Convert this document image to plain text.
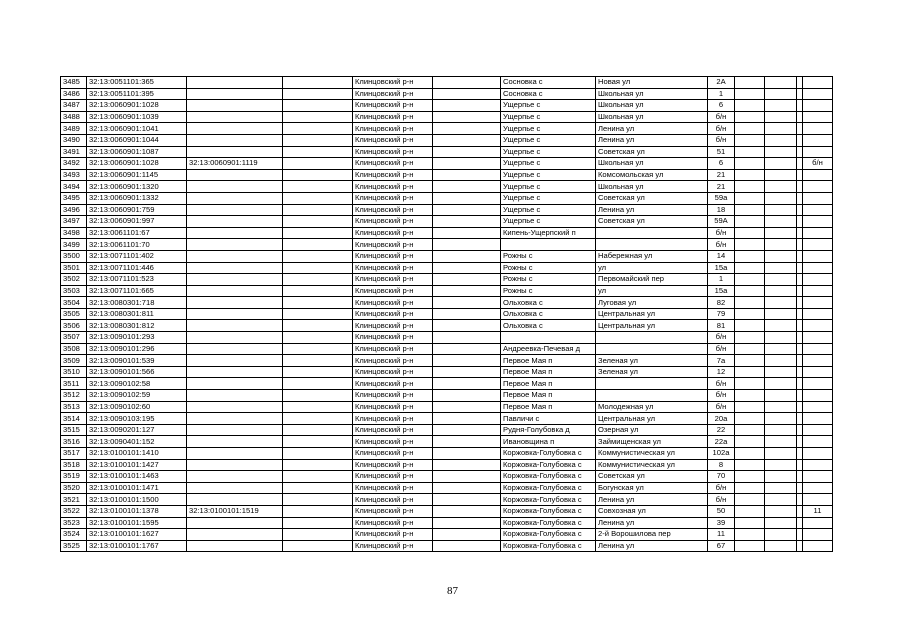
3485	32:13:0051101:365			Клинцовский р-н		Сосновка с	Новая ул	2А				
3486	32:13:0051101:395			Клинцовский р-н		Сосновка с	Школьная ул	1				
3487	32:13:0060901:1028			Клинцовский р-н		Ущерпье с	Школьная ул	6				
3488	32:13:0060901:1039			Клинцовский р-н		Ущерпье с	Школьная ул	б/н				
3489	32:13:0060901:1041			Клинцовский р-н		Ущерпье с	Ленина ул	б/н				
3490	32:13:0060901:1044			Клинцовский р-н		Ущерпье с	Ленина ул	б/н				
3491	32:13:0060901:1087			Клинцовский р-н		Ущерпье с	Советская ул	51				
3492	32:13:0060901:1028	32:13:0060901:1119		Клинцовский р-н		Ущерпье с	Школьная ул	6				б/н
3493	32:13:0060901:1145			Клинцовский р-н		Ущерпье с	Комсомольская ул	21				
3494	32:13:0060901:1320			Клинцовский р-н		Ущерпье с	Школьная ул	21				
3495	32:13:0060901:1332			Клинцовский р-н		Ущерпье с	Советская ул	59а				
3496	32:13:0060901:759			Клинцовский р-н		Ущерпье с	Ленина ул	18				
3497	32:13:0060901:997			Клинцовский р-н		Ущерпье с	Советская ул	59А				
3498	32:13:0061101:67			Клинцовский р-н		Кипень-Ущерпский п		б/н				
3499	32:13:0061101:70			Клинцовский р-н				б/н				
3500	32:13:0071101:402			Клинцовский р-н		Рожны с	Набережная ул	14				
3501	32:13:0071101:446			Клинцовский р-н		Рожны с	ул	15а				
3502	32:13:0071101:523			Клинцовский р-н		Рожны с	Первомайский пер	1				
3503	32:13:0071101:665			Клинцовский р-н		Рожны с	ул	15а				
3504	32:13:0080301:718			Клинцовский р-н		Ольховка с	Луговая ул	82				
3505	32:13:0080301:811			Клинцовский р-н		Ольховка с	Центральная ул	79				
3506	32:13:0080301:812			Клинцовский р-н		Ольховка с	Центральная ул	81				
3507	32:13:0090101:293			Клинцовский р-н				б/н				
3508	32:13:0090101:296			Клинцовский р-н		Андреевка-Печевая д		б/н				
3509	32:13:0090101:539			Клинцовский р-н		Первое Мая п	Зеленая ул	7а				
3510	32:13:0090101:566			Клинцовский р-н		Первое Мая п	Зеленая ул	12				
3511	32:13:0090102:58			Клинцовский р-н		Первое Мая п		б/н				
3512	32:13:0090102:59			Клинцовский р-н		Первое Мая п		б/н				
3513	32:13:0090102:60			Клинцовский р-н		Первое Мая п	Молодежная ул	б/н				
3514	32:13:0090103:195			Клинцовский р-н		Павличи с	Центральная ул	20а				
3515	32:13:0090201:127			Клинцовский р-н		Рудня-Голубовка д	Озерная ул	22				
3516	32:13:0090401:152			Клинцовский р-н		Ивановщина п	Займищенская ул	22а				
3517	32:13:0100101:1410			Клинцовский р-н		Коржовка-Голубовка с	Коммунистическая ул	102а				
3518	32:13:0100101:1427			Клинцовский р-н		Коржовка-Голубовка с	Коммунистическая ул	8				
3519	32:13:0100101:1463			Клинцовский р-н		Коржовка-Голубовка с	Советская ул	70				
3520	32:13:0100101:1471			Клинцовский р-н		Коржовка-Голубовка с	Богунская ул	б/н				
3521	32:13:0100101:1500			Клинцовский р-н		Коржовка-Голубовка с	Ленина ул	б/н				
3522	32:13:0100101:1378	32:13:0100101:1519		Клинцовский р-н		Коржовка-Голубовка с	Совхозная ул	50				11
3523	32:13:0100101:1595			Клинцовский р-н		Коржовка-Голубовка с	Ленина ул	39				
3524	32:13:0100101:1627			Клинцовский р-н		Коржовка-Голубовка с	2-й Ворошилова пер	11				
3525	32:13:0100101:1767			Клинцовский р-н		Коржовка-Голубовка с	Ленина ул	67				
87
